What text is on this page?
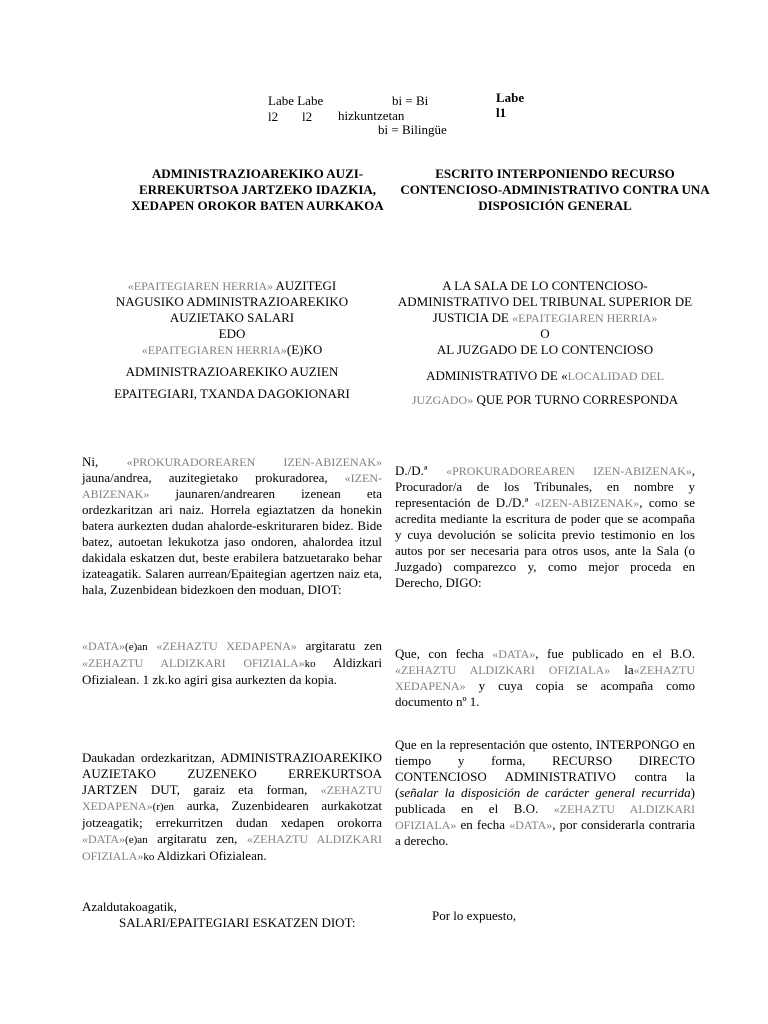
Labe Labe
l2 l2
bi = Bi
hizkuntzetan
bi = Bilingüe
Labe
l1
ADMINISTRAZIOAREKIKO AUZI-ERREKURTSOA JARTZEKO IDAZKIA, XEDAPEN OROKOR BATEN AURKAKOA
«EPAITEGIAREN HERRIA» AUZITEGI
NAGUSIKO ADMINISTRAZIOAREKIKO
AUZIETAKO SALARI
EDO
«EPAITEGIAREN HERRIA»(E)KO
ADMINISTRAZIOAREKIKO AUZIEN
EPAITEGIARI, TXANDA DAGOKIONARI
Ni, «PROKURADOREAREN IZEN-ABIZENAK» jauna/andrea, auzitegietako prokuradorea, «IZEN-ABIZENAK» jaunaren/andrearen izenean eta ordezkaritzan ari naiz. Horrela egiaztatzen da honekin batera aurkezten dudan ahalorde-eskrituraren bidez. Bide batez, autoetan lekukotza jaso ondoren, ahalordea itzul dakidala eskatzen dut, beste erabilera batzuetarako behar izateagatik. Salaren aurrean/Epaitegian agertzen naiz eta, hala, Zuzenbidean bidezkoen den moduan, DIOT:
«DATA»(e)an «ZEHAZTU XEDAPENA» argitaratu zen «ZEHAZTU ALDIZKARI OFIZIALA»ko Aldizkari Ofizialean. 1 zk.ko agiri gisa aurkezten da kopia.
Daukadan ordezkaritzan, ADMINISTRAZIOAREKIKO AUZIETAKO ZUZENEKO ERREKURTSOA JARTZEN DUT, garaiz eta forman, «ZEHAZTU XEDAPENA»(r)en aurka, Zuzenbidearen aurkakotzat jotzeagatik; errekurritzen dudan xedapen orokorra «DATA»(e)an argitaratu zen, «ZEHAZTU ALDIZKARI OFIZIALA»ko Aldizkari Ofizialean.
Azaldutakoagatik,
SALARI/EPAITEGIARI ESKATZEN DIOT:
ESCRITO INTERPONIENDO RECURSO CONTENCIOSO-ADMINISTRATIVO CONTRA UNA DISPOSICIÓN GENERAL
A LA SALA DE LO CONTENCIOSO-ADMINISTRATIVO DEL TRIBUNAL SUPERIOR DE JUSTICIA DE «EPAITEGIAREN HERRIA»
O
AL JUZGADO DE LO CONTENCIOSO
ADMINISTRATIVO DE «LOCALIDAD DEL JUZGADO» QUE POR TURNO CORRESPONDA
D./D.ª «PROKURADOREAREN IZEN-ABIZENAK», Procurador/a de los Tribunales, en nombre y representación de D./D.ª «IZEN-ABIZENAK», como se acredita mediante la escritura de poder que se acompaña y cuya devolución se solicita previo testimonio en los autos por ser necesaria para otros usos, ante la Sala (o Juzgado) comparezco y, como mejor proceda en Derecho, DIGO:
Que, con fecha «DATA», fue publicado en el B.O. «ZEHAZTU ALDIZKARI OFIZIALA» la«ZEHAZTU XEDAPENA» y cuya copia se acompaña como documento nº 1.
Que en la representación que ostento, INTERPONGO en tiempo y forma, RECURSO DIRECTO CONTENCIOSO ADMINISTRATIVO contra la (señalar la disposición de carácter general recurrida) publicada en el B.O. «ZEHAZTU ALDIZKARI OFIZIALA» en fecha «DATA», por considerarla contraria a derecho.
Por lo expuesto,
